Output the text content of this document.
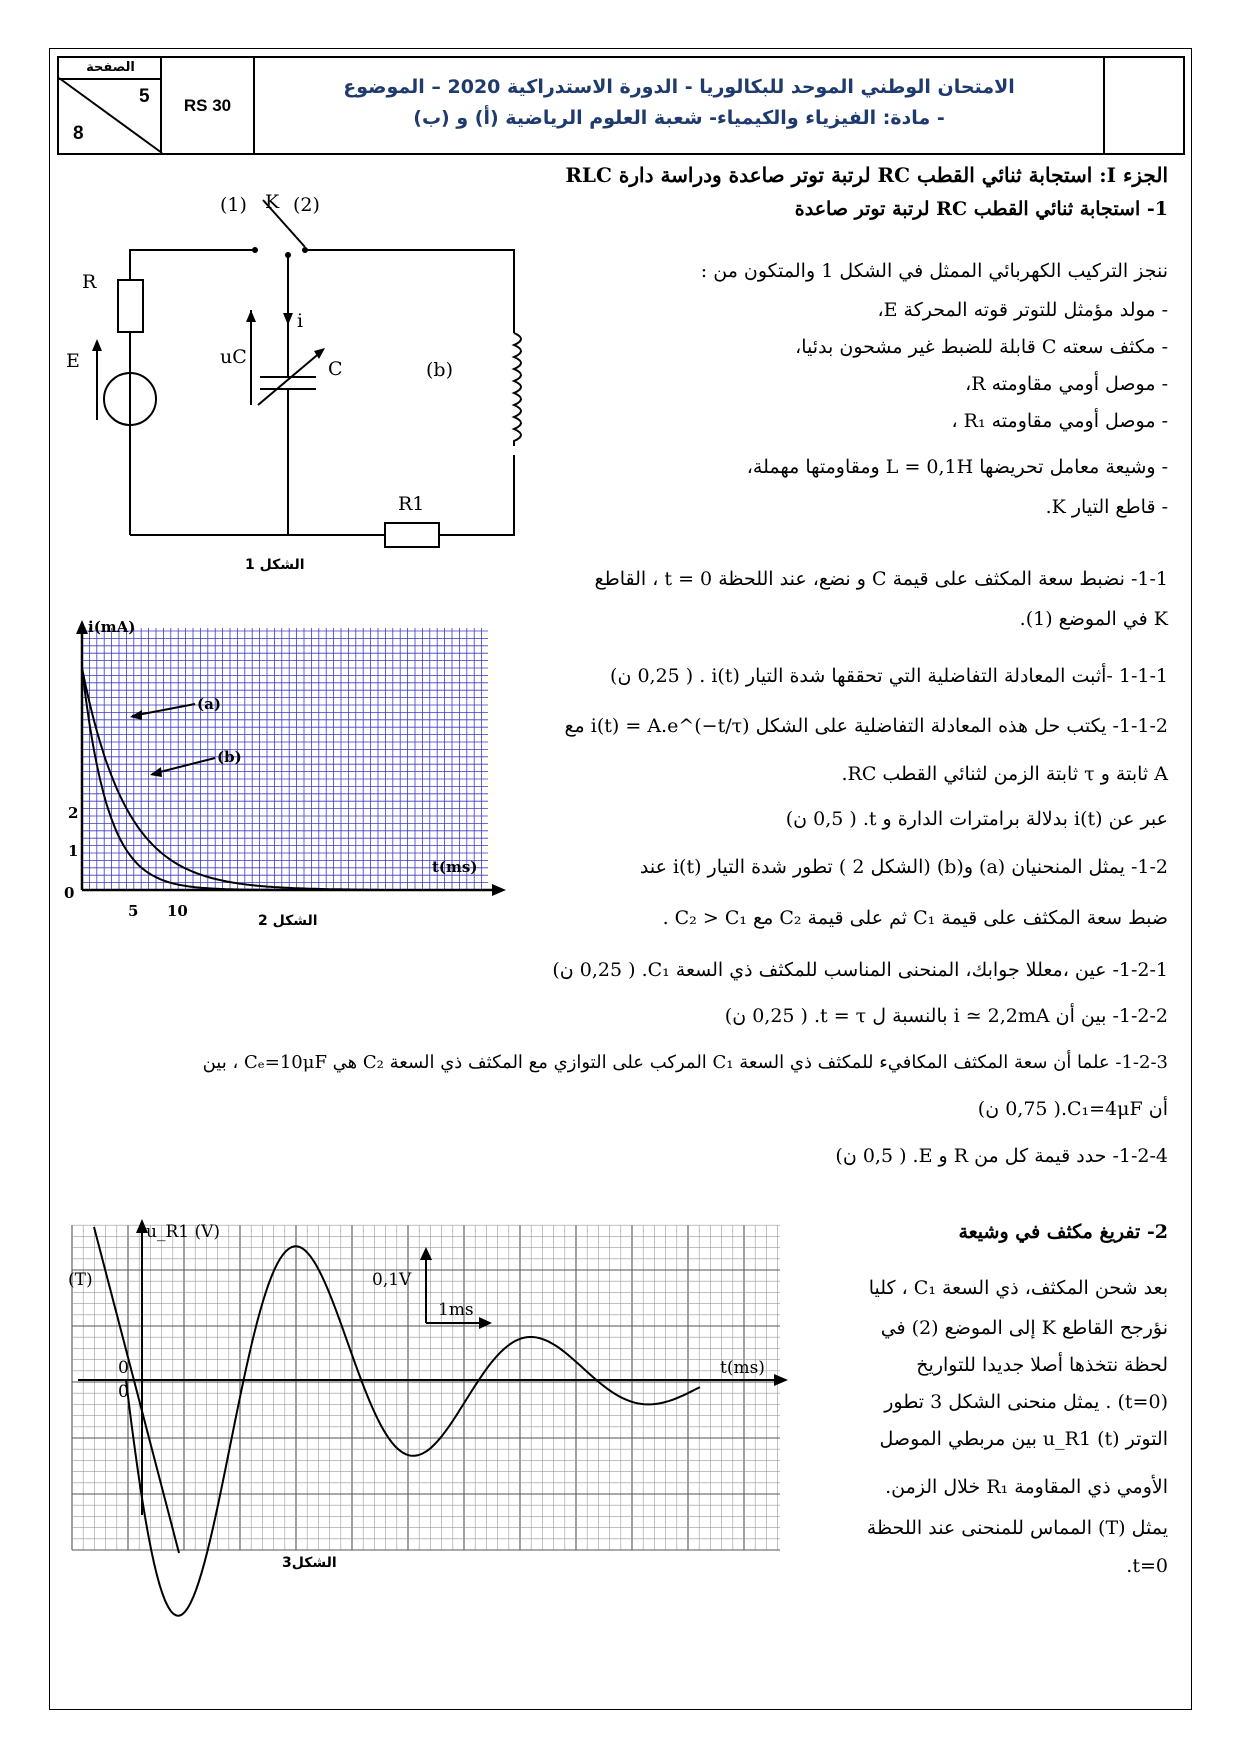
الصفحة
5
8
RS 30
الامتحان الوطني الموحد للبكالوريا - الدورة الاستدراكية 2020 – الموضوع
- مادة: الفيزياء والكيمياء- شعبة العلوم الرياضية (أ) و (ب)
الجزء I: استجابة ثنائي القطب RC لرتبة توتر صاعدة ودراسة دارة RLC
1- استجابة ثنائي القطب RC لرتبة توتر صاعدة
ننجز التركيب الكهربائي الممثل في الشكل 1 والمتكون من :
- مولد مؤمثل للتوتر قوته المحركة E،
- مكثف سعته C قابلة للضبط غير مشحون بدئيا،
- موصل أومي مقاومته R،
- موصل أومي مقاومته R₁ ،
- وشيعة معامل تحريضها L = 0,1H ومقاومتها مهملة،
- قاطع التيار K.
1-1- نضبط سعة المكثف على قيمة C و نضع، عند اللحظة t = 0 ، القاطع
K في الموضع (1).
1-1-1 -أثبت المعادلة التفاضلية التي تحققها شدة التيار i(t) . ( 0,25 ن)
1-1-2- يكتب حل هذه المعادلة التفاضلية على الشكل i(t) = A.e^(−t/τ) مع
A ثابتة و τ ثابتة الزمن لثنائي القطب RC.
عبر عن i(t) بدلالة برامترات الدارة و t. ( 0,5 ن)
1-2- يمثل المنحنيان (a) و(b) (الشكل 2 ) تطور شدة التيار i(t) عند
ضبط سعة المكثف على قيمة C₁ ثم على قيمة C₂ مع C₂ > C₁ .
1-2-1- عين ،معللا جوابك، المنحنى المناسب للمكثف ذي السعة C₁. ( 0,25 ن)
1-2-2- بين أن i ≃ 2,2mA بالنسبة ل t = τ. ( 0,25 ن)
1-2-3- علما أن سعة المكثف المكافيء للمكثف ذي السعة C₁ المركب على التوازي مع المكثف ذي السعة C₂ هي Cₑ=10μF ، بين
أن C₁=4μF.( 0,75 ن)
1-2-4- حدد قيمة كل من R و E. ( 0,5 ن)
2- تفريغ مكثف في وشيعة
بعد شحن المكثف، ذي السعة C₁ ، كليا
نؤرجح القاطع K إلى الموضع (2) في
لحظة نتخذها أصلا جديدا للتواريخ
(t=0) . يمثل منحنى الشكل 3 تطور
التوتر u_R1 (t) بين مربطي الموصل
الأومي ذي المقاومة R₁ خلال الزمن.
يمثل (T) المماس للمنحنى عند اللحظة
t=0.
(1) K (2)
R
E
i
uC
C	(b)
R1
الشكل 1
i(mA)
t(ms)
(a)
(b)
0
5 10
1
2
الشكل 2
u_R1 (V)
t(ms)
(T)	0,1V
1ms
0
0
الشكل3
